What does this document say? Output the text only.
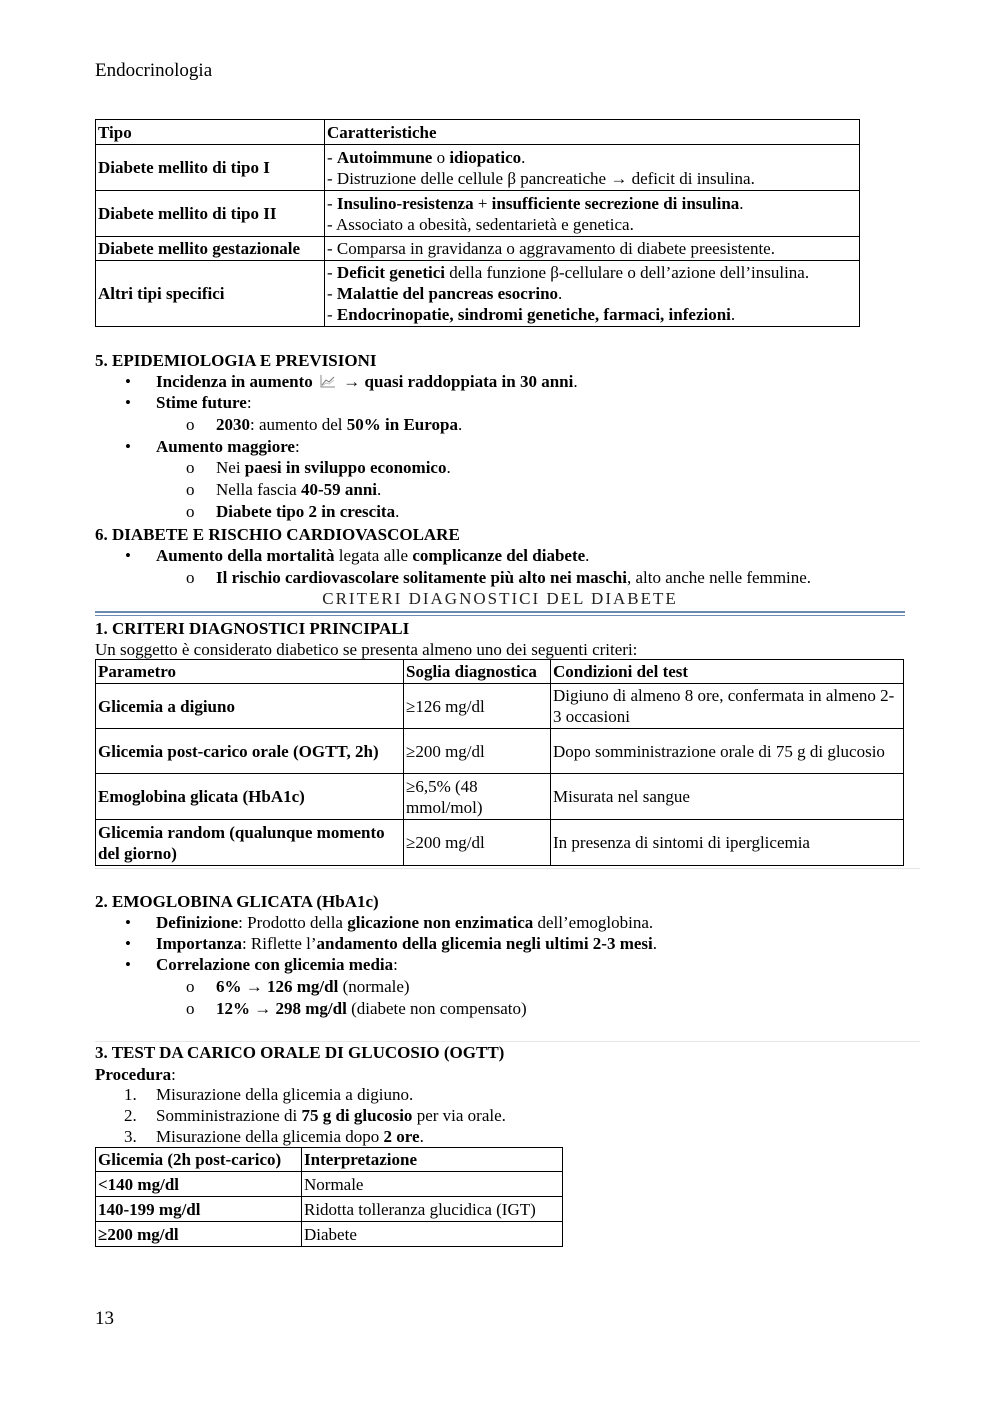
Endocrinologia
Tipo	Caratteristiche
Diabete mellito di tipo I	- Autoimmune o idiopatico.
- Distruzione delle cellule β pancreatiche → deficit di insulina.

Diabete mellito di tipo II	- Insulino-resistenza + insufficiente secrezione di insulina.
- Associato a obesità, sedentarietà e genetica.

Diabete mellito gestazionale	- Comparsa in gravidanza o aggravamento di diabete preesistente.

Altri tipi specifici	- Deficit genetici della funzione β-cellulare o dell’azione dell’insulina.
- Malattie del pancreas esocrino.
- Endocrinopatie, sindromi genetiche, farmaci, infezioni.
5. EPIDEMIOLOGIA E PREVISIONI
• Incidenza in aumento → quasi raddoppiata in 30 anni.
• Stime future:
o 2030: aumento del 50% in Europa.
• Aumento maggiore:
o Nei paesi in sviluppo economico.
o Nella fascia 40-59 anni.
o Diabete tipo 2 in crescita.
6. DIABETE E RISCHIO CARDIOVASCOLARE
• Aumento della mortalità legata alle complicanze del diabete.
o Il rischio cardiovascolare solitamente più alto nei maschi, alto anche nelle femmine.
CRITERI DIAGNOSTICI DEL DIABETE
1. CRITERI DIAGNOSTICI PRINCIPALI
Un soggetto è considerato diabetico se presenta almeno uno dei seguenti criteri:
Parametro	Soglia diagnostica	Condizioni del test
Glicemia a digiuno	≥126 mg/dl	Digiuno di almeno 8 ore, confermata in almeno 2-3 occasioni
Glicemia post-carico orale (OGTT, 2h)	≥200 mg/dl	Dopo somministrazione orale di 75 g di glucosio
Emoglobina glicata (HbA1c)	≥6,5% (48 mmol/mol)	Misurata nel sangue
Glicemia random (qualunque momento del giorno)	≥200 mg/dl	In presenza di sintomi di iperglicemia
2. EMOGLOBINA GLICATA (HbA1c)
• Definizione: Prodotto della glicazione non enzimatica dell’emoglobina.
• Importanza: Riflette l’andamento della glicemia negli ultimi 2-3 mesi.
• Correlazione con glicemia media:
o 6% → 126 mg/dl (normale)
o 12% → 298 mg/dl (diabete non compensato)
3. TEST DA CARICO ORALE DI GLUCOSIO (OGTT)
Procedura:
1. Misurazione della glicemia a digiuno.
2. Somministrazione di 75 g di glucosio per via orale.
3. Misurazione della glicemia dopo 2 ore.
Glicemia (2h post-carico)	Interpretazione
<140 mg/dl	Normale
140-199 mg/dl	Ridotta tolleranza glucidica (IGT)
≥200 mg/dl	Diabete
13
